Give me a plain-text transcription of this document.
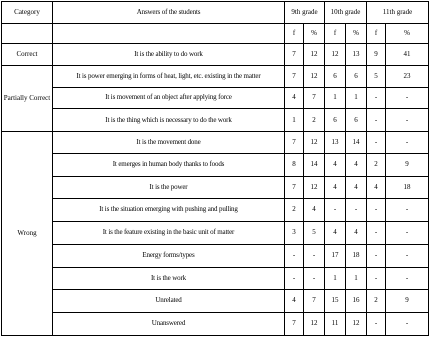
Category	Answers of the students	9th grade		10th grade		11th grade	
		f	%	f	%	f	%
Correct	It is the ability to do work	7	12	12	13	9	41
Partially Correct	It is power emerging in forms of heat, light, etc. existing in the matter	7	12	6	6	5	23
	It is movement of an object after applying force	4	7	1	1	-	-
	It is the thing which is necessary to do the work	1	2	6	6	-	-
Wrong	It is the movement done	7	12	13	14	-	-
	It emerges in human body thanks to foods	8	14	4	4	2	9
	It is the power	7	12	4	4	4	18
	It is the situation emerging with pushing and pulling	2	4	-	-	-	-
	It is the feature existing in the basic unit of matter	3	5	4	4	-	-
	Energy forms/types	-	-	17	18	-	-
	It is the work	-	-	1	1	-	-
	Unrelated	4	7	15	16	2	9
	Unanswered	7	12	11	12	-	-
